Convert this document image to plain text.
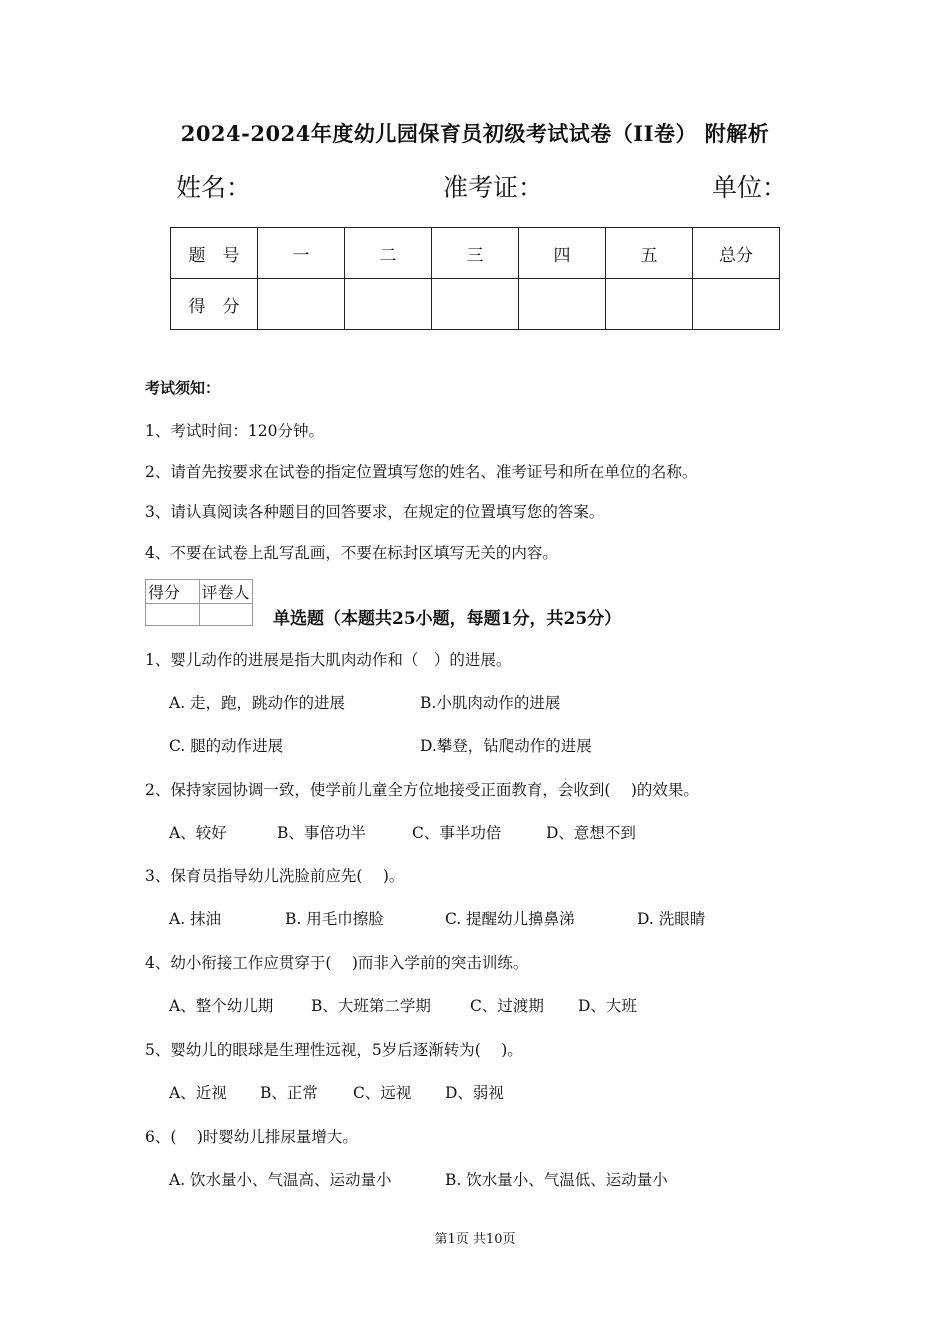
2024-2024年度幼儿园保育员初级考试试卷（II卷） 附解析
姓名：	准考证：	单位：
题　号	一	二	三	四	五	总分
得　分						
考试须知：
1、考试时间：120分钟。
2、请首先按要求在试卷的指定位置填写您的姓名、准考证号和所在单位的名称。
3、请认真阅读各种题目的回答要求，在规定的位置填写您的答案。
4、不要在试卷上乱写乱画，不要在标封区填写无关的内容。
得分	评卷人

单选题（本题共25小题，每题1分，共25分）
1、婴儿动作的进展是指大肌肉动作和（　）的进展。
A. 走，跑，跳动作的进展	B.小肌肉动作的进展
C. 腿的动作进展	D.攀登，钻爬动作的进展
2、保持家园协调一致，使学前儿童全方位地接受正面教育，会收到(　 )的效果。
A、较好	B、事倍功半	C、事半功倍	D、意想不到
3、保育员指导幼儿洗脸前应先(　 )。
A. 抹油	B. 用毛巾擦脸	C. 提醒幼儿擤鼻涕	D. 洗眼睛
4、幼小衔接工作应贯穿于(　 )而非入学前的突击训练。
A、整个幼儿期 B、大班第二学期	C、过渡期 D、大班
5、婴幼儿的眼球是生理性远视，5岁后逐渐转为(　 )。
A、近视 B、正常 C、远视 D、弱视
6、(　 )时婴幼儿排尿量增大。
A. 饮水量小、气温高、运动量小	B. 饮水量小、气温低、运动量小
第1页 共10页
